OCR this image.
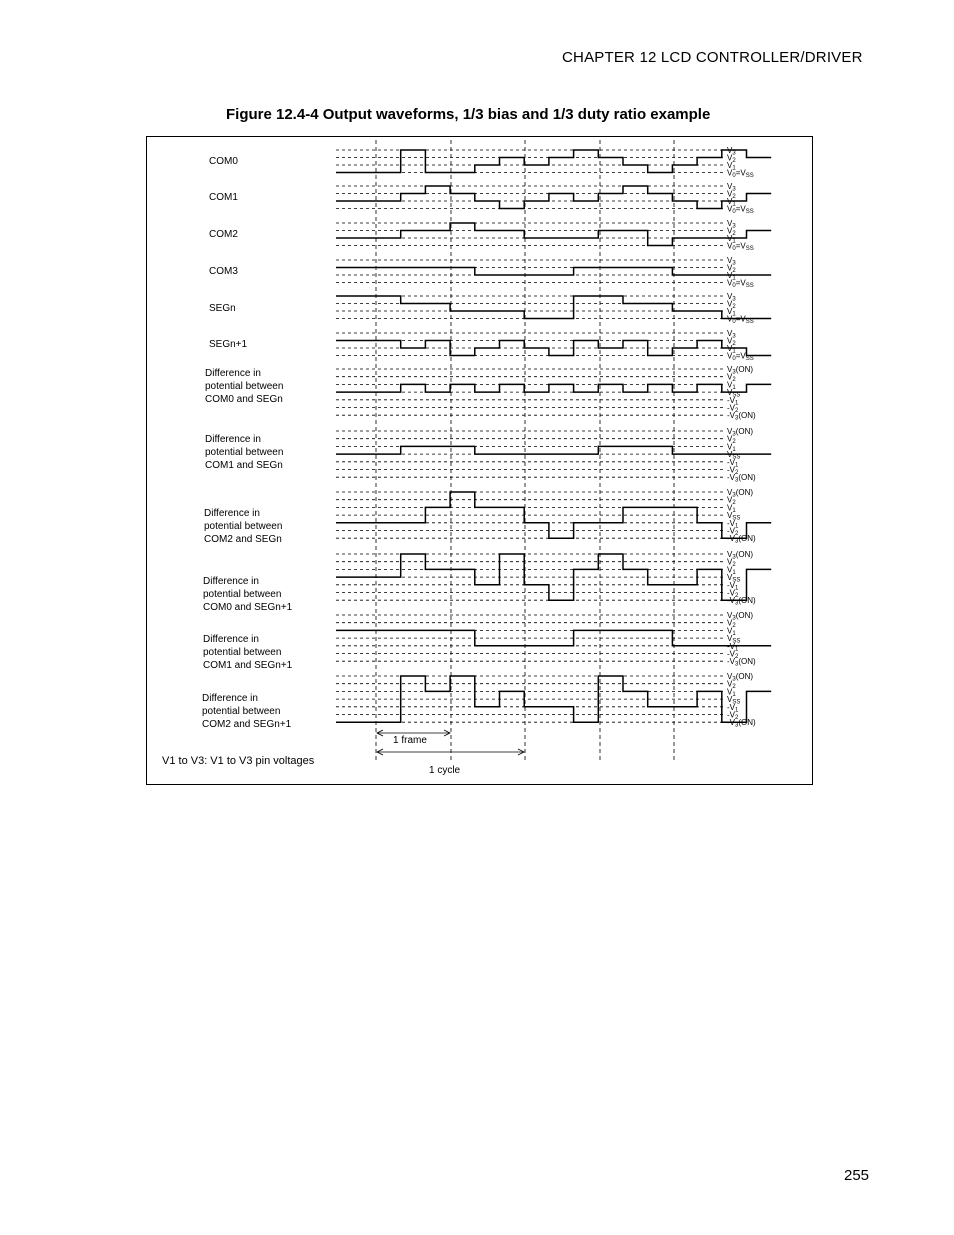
CHAPTER 12 LCD CONTROLLER/DRIVER
Figure 12.4-4 Output waveforms, 1/3 bias and 1/3 duty ratio example
COM0
COM1
COM2
COM3
SEGn
SEGn+1
Difference in
potential between
COM0 and SEGn
Difference in
potential between
COM1 and SEGn
Difference in
potential between
COM2 and SEGn
Difference in
potential between
COM0 and SEGn+1
Difference in
potential between
COM1 and SEGn+1
Difference in
potential between
COM2 and SEGn+1
V3
V2
V1
V0=VSS
V3
V2
V1
V0=VSS
V3
V2
V1
V0=VSS
V3
V2
V1
V0=VSS
V3
V2
V1
V0=VSS
V3
V2
V1
V0=VSS
V3(ON)
V2
V1
VSS
-V1
-V2
-V3(ON)
V3(ON)
V2
V1
VSS
-V1
-V2
-V3(ON)
V3(ON)
V2
V1
VSS
-V1
-V2
-V3(ON)
V3(ON)
V2
V1
VSS
-V1
-V2
-V3(ON)
V3(ON)
V2
V1
VSS
-V1
-V2
-V3(ON)
V3(ON)
V2
V1
VSS
-V1
-V2
-V3(ON)
1 frame
1 cycle
V1 to V3: V1 to V3 pin voltages
255
